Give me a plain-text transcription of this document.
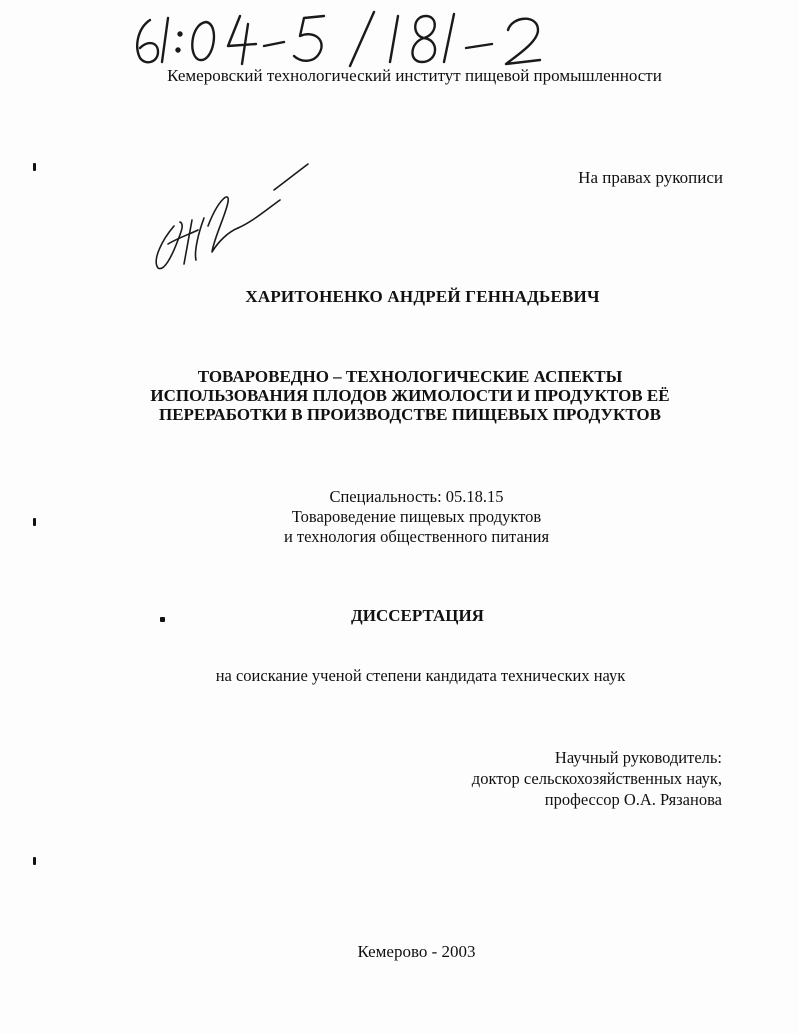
Кемеровский технологический институт пищевой промышленности
На правах рукописи
ХАРИТОНЕНКО АНДРЕЙ ГЕННАДЬЕВИЧ
ТОВАРОВЕДНО – ТЕХНОЛОГИЧЕСКИЕ АСПЕКТЫ
ИСПОЛЬЗОВАНИЯ ПЛОДОВ ЖИМОЛОСТИ И ПРОДУКТОВ ЕЁ
ПЕРЕРАБОТКИ В ПРОИЗВОДСТВЕ ПИЩЕВЫХ ПРОДУКТОВ
Специальность: 05.18.15
Товароведение пищевых продуктов
и технология общественного питания
ДИССЕРТАЦИЯ
на соискание ученой степени кандидата технических наук
Научный руководитель:
доктор сельскохозяйственных наук,
профессор О.А. Рязанова
Кемерово - 2003
